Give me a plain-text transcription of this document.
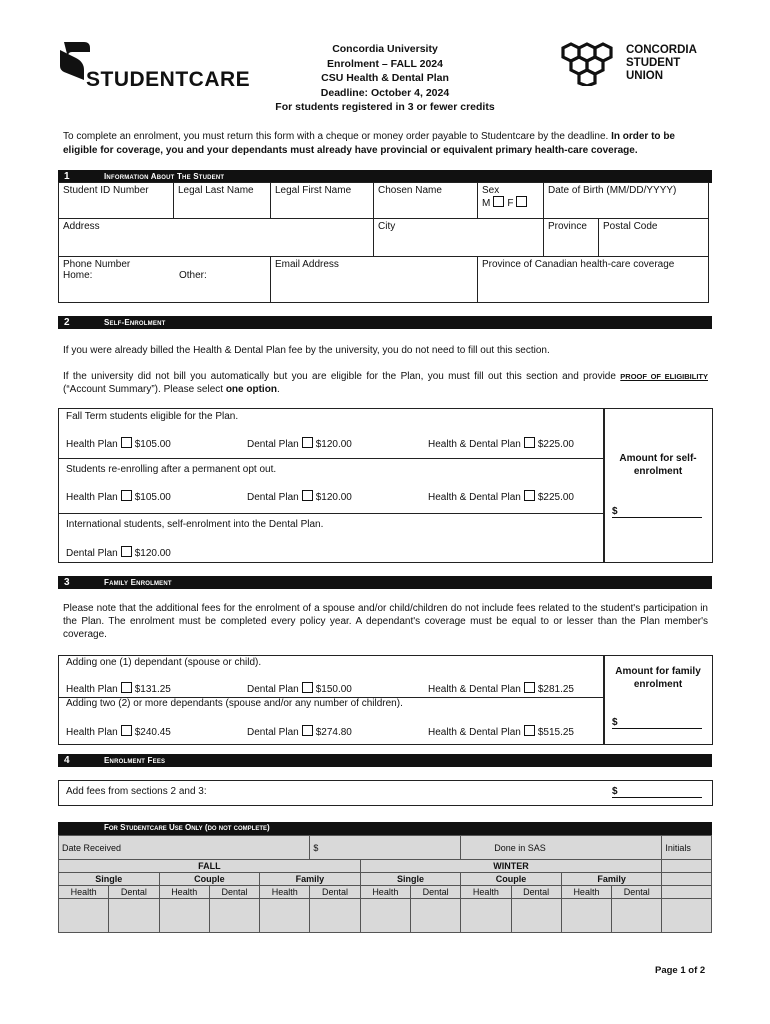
STUDENTCARE
Concordia University
Enrolment – FALL 2024
CSU Health & Dental Plan
Deadline: October 4, 2024
For students registered in 3 or fewer credits
CONCORDIA
STUDENT
UNION
To complete an enrolment, you must return this form with a cheque or money order payable to Studentcare by the deadline. In order to be eligible for coverage, you and your dependants must already have provincial or equivalent primary health-care coverage.
1	Information About The Student
Student ID Number	Legal Last Name	Legal First Name	Chosen Name	Sex
M F	Date of Birth (MM/DD/YYYY)	
Address			City		Province	Postal Code

Phone Number
Home: Other:		Email Address		Province of Canadian health-care coverage		
2	Self-Enrolment
If you were already billed the Health & Dental Plan fee by the university, you do not need to fill out this section.
If the university did not bill you automatically but you are eligible for the Plan, you must fill out this section and provide PROOF OF ELIGIBILITY (“Account Summary”). Please select one option.
Fall Term students eligible for the Plan.
Health Plan $105.00	Dental Plan $120.00	Health & Dental Plan $225.00
Students re-enrolling after a permanent opt out.
Health Plan $105.00	Dental Plan $120.00	Health & Dental Plan $225.00
International students, self-enrolment into the Dental Plan.
Dental Plan $120.00
Amount for self-enrolment
$
3	Family Enrolment
Please note that the additional fees for the enrolment of a spouse and/or child/children do not include fees related to the student's participation in the Plan. The enrolment must be completed every policy year. A dependant's coverage must be equal to or lesser than the Plan member's coverage.
Adding one (1) dependant (spouse or child).
Health Plan $131.25	Dental Plan $150.00	Health & Dental Plan $281.25
Adding two (2) or more dependants (spouse and/or any number of children).
Health Plan $240.45	Dental Plan $274.80	Health & Dental Plan $515.25
Amount for family enrolment
$
4	Enrolment Fees
Add fees from sections 2 and 3:	$
For Studentcare Use Only (do not complete)
Date Received					$			Done in SAS				Initials
FALL						WINTER						
Single		Couple		Family		Single		Couple		Family		
Health	Dental	Health	Dental	Health	Dental	Health	Dental	Health	Dental	Health	Dental	

Page 1 of 2
